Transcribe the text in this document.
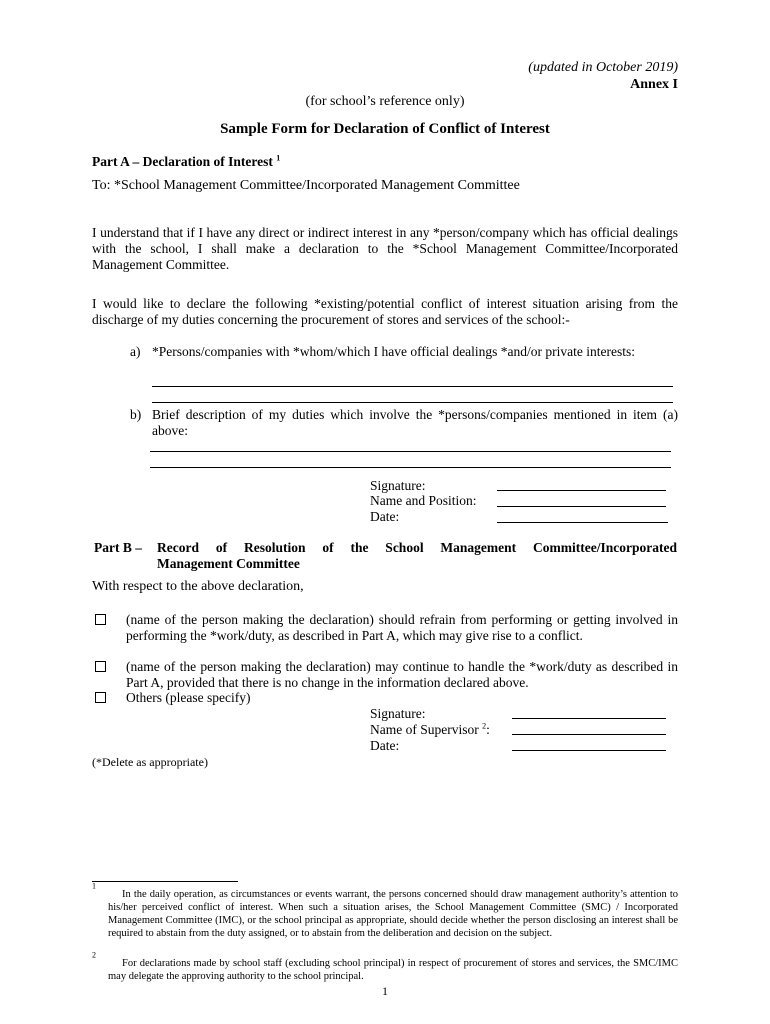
(updated in October 2019)
Annex I
(for school’s reference only)
Sample Form for Declaration of Conflict of Interest
Part A – Declaration of Interest $^1$
To: *School Management Committee/Incorporated Management Committee
I understand that if I have any direct or indirect interest in any *person/company which has official dealings with the school, I shall make a declaration to the *School Management Committee/Incorporated Management Committee.
I would like to declare the following *existing/potential conflict of interest situation arising from the discharge of my duties concerning the procurement of stores and services of the school:-
a) *Persons/companies with *whom/which I have official dealings *and/or private interests:
b) Brief description of my duties which involve the *persons/companies mentioned in item (a) above:
Signature:
Name and Position:
Date:
Part B – Record of Resolution of the School Management Committee/Incorporated
Management Committee
With respect to the above declaration,
(name of the person making the declaration) should refrain from performing or getting involved in performing the *work/duty, as described in Part A, which may give rise to a conflict.
(name of the person making the declaration) may continue to handle the *work/duty as described in Part A, provided that there is no change in the information declared above.
Others (please specify)
Signature:
Name of Supervisor $^2$:
Date:
(*Delete as appropriate)
$^1$
In the daily operation, as circumstances or events warrant, the persons concerned should draw management authority’s attention to his/her perceived conflict of interest. When such a situation arises, the School Management Committee (SMC) / Incorporated Management Committee (IMC), or the school principal as appropriate, should decide whether the person disclosing an interest shall be required to abstain from the duty assigned, or to abstain from the deliberation and decision on the subject.
$^2$
For declarations made by school staff (excluding school principal) in respect of procurement of stores and services, the SMC/IMC may delegate the approving authority to the school principal.
1
